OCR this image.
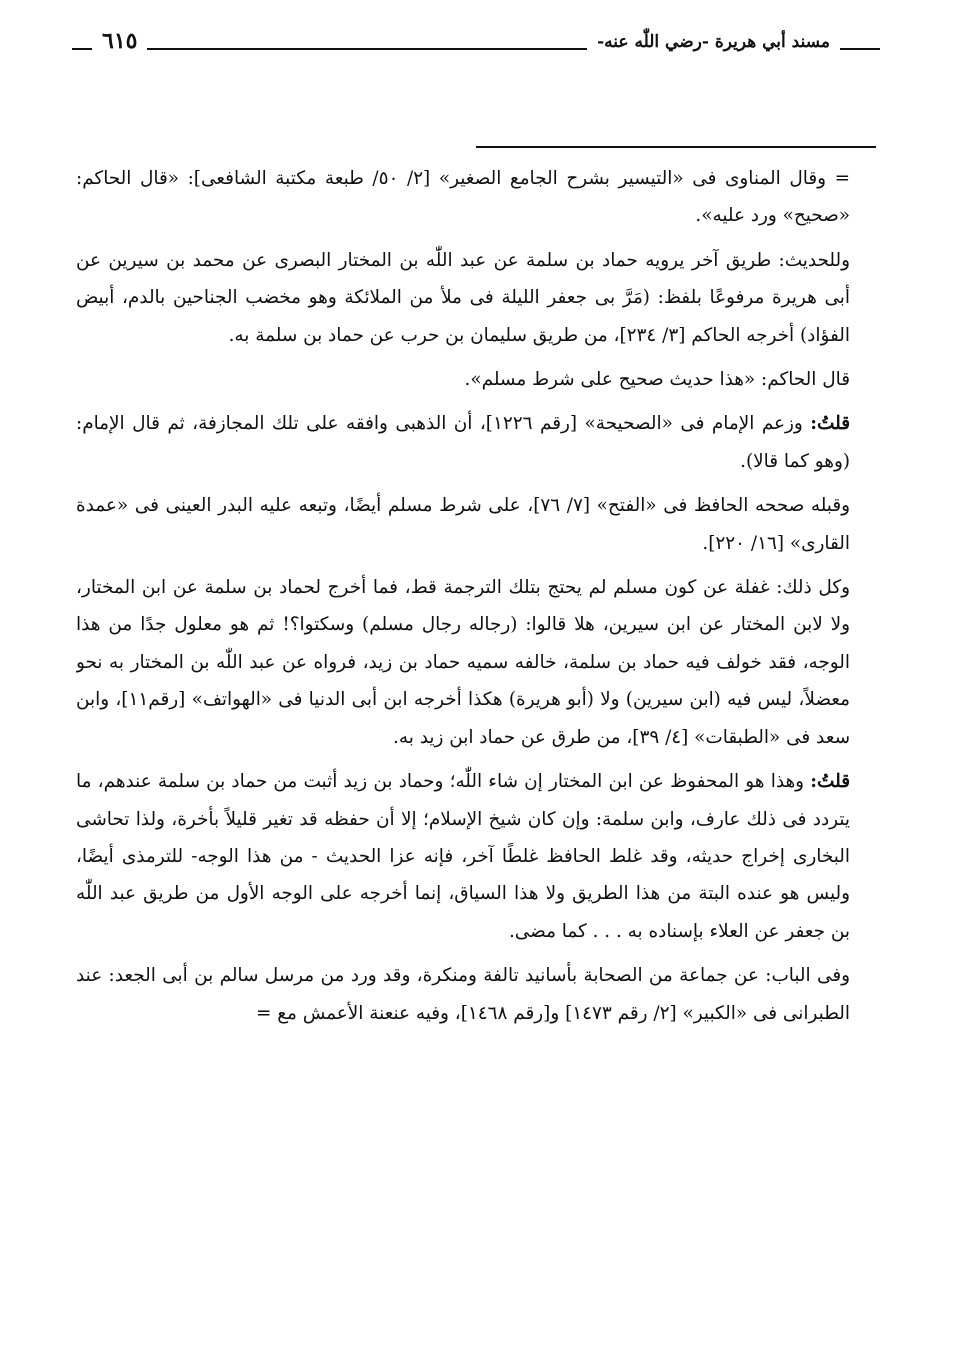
مسند أبي هريرة -رضي اللّٰه عنه-
٦١٥

= وقال المناوى فى «التيسير بشرح الجامع الصغير» [٢/ ٥٠/ طبعة مكتبة الشافعى]: «قال الحاكم: «صحيح» ورد عليه».

وللحديث: طريق آخر يرويه حماد بن سلمة عن عبد اللّٰه بن المختار البصرى عن محمد بن سيرين عن أبى هريرة مرفوعًا بلفظ: (مَرَّ بى جعفر الليلة فى ملأ من الملائكة وهو مخضب الجناحين بالدم، أبيض الفؤاد) أخرجه الحاكم [٣/ ٢٣٤]، من طريق سليمان بن حرب عن حماد بن سلمة به.

قال الحاكم: «هذا حديث صحيح على شرط مسلم».

قلتُ: وزعم الإمام فى «الصحيحة» [رقم ١٢٢٦]، أن الذهبى وافقه على تلك المجازفة، ثم قال الإمام: (وهو كما قالا).

وقبله صححه الحافظ فى «الفتح» [٧/ ٧٦]، على شرط مسلم أيضًا، وتبعه عليه البدر العينى فى «عمدة القارى» [١٦/ ٢٢٠].

وكل ذلك: غفلة عن كون مسلم لم يحتج بتلك الترجمة قط، فما أخرج لحماد بن سلمة عن ابن المختار، ولا لابن المختار عن ابن سيرين، هلا قالوا: (رجاله رجال مسلم) وسكتوا؟! ثم هو معلول جدًا من هذا الوجه، فقد خولف فيه حماد بن سلمة، خالفه سميه حماد بن زيد، فرواه عن عبد اللّٰه بن المختار به نحو معضلاً، ليس فيه (ابن سيرين) ولا (أبو هريرة) هكذا أخرجه ابن أبى الدنيا فى «الهواتف» [رقم١١]، وابن سعد فى «الطبقات» [٤/ ٣٩]، من طرق عن حماد ابن زيد به.

قلتُ: وهذا هو المحفوظ عن ابن المختار إن شاء اللّٰه؛ وحماد بن زيد أثبت من حماد بن سلمة عندهم، ما يتردد فى ذلك عارف، وابن سلمة: وإن كان شيخ الإسلام؛ إلا أن حفظه قد تغير قليلاً بأخرة، ولذا تحاشى البخارى إخراج حديثه، وقد غلط الحافظ غلطًا آخر، فإنه عزا الحديث - من هذا الوجه- للترمذى أيضًا، وليس هو عنده البتة من هذا الطريق ولا هذا السياق، إنما أخرجه على الوجه الأول من طريق عبد اللّٰه بن جعفر عن العلاء بإسناده به . . . كما مضى.

وفى الباب: عن جماعة من الصحابة بأسانيد تالفة ومنكرة، وقد ورد من مرسل سالم بن أبى الجعد: عند الطبرانى فى «الكبير» [٢/ رقم ١٤٧٣] و[رقم ١٤٦٨]، وفيه عنعنة الأعمش مع =
